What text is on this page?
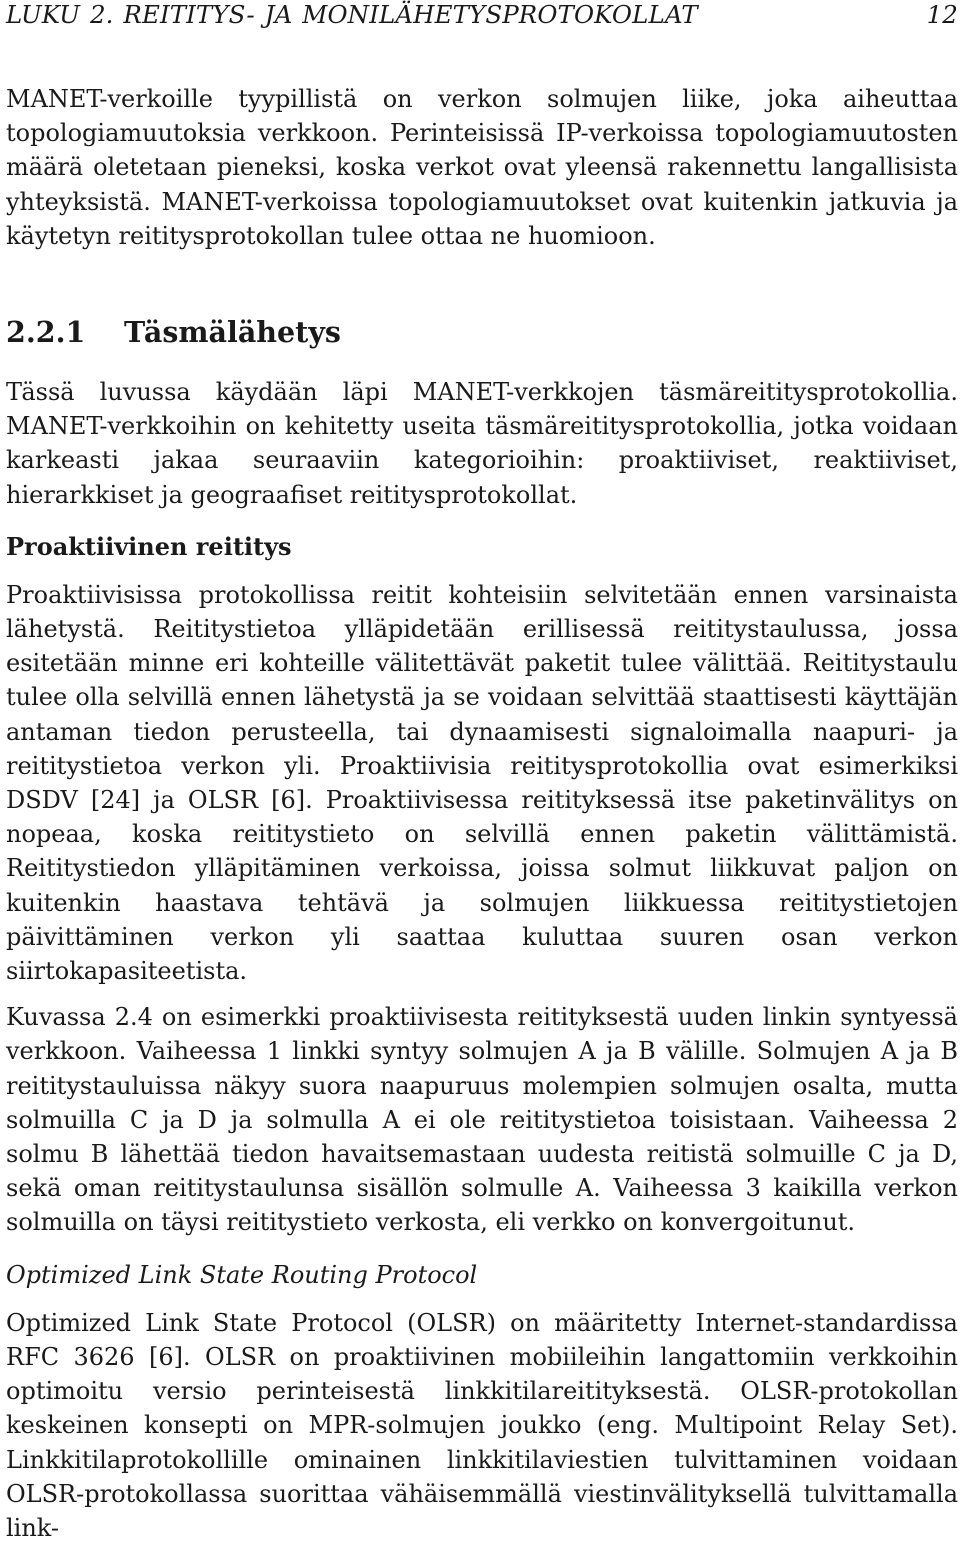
LUKU 2. REITITYS- JA MONILÄHETYSPROTOKOLLAT	12

MANET-verkoille tyypillistä on verkon solmujen liike, joka aiheuttaa topologiamuutoksia verkkoon. Perinteisissä IP-verkoissa topologiamuutosten määrä oletetaan pieneksi, koska verkot ovat yleensä rakennettu langallisista yhteyksistä. MANET-verkoissa topologiamuutokset ovat kuitenkin jatkuvia ja käytetyn reititysprotokollan tulee ottaa ne huomioon.

2.2.1	Täsmälähetys

Tässä luvussa käydään läpi MANET-verkkojen täsmäreititysprotokollia. MANET-verkkoihin on kehitetty useita täsmäreititysprotokollia, jotka voidaan karkeasti jakaa seuraaviin kategorioihin: proaktiiviset, reaktiiviset, hierarkkiset ja geograafiset reititysprotokollat.

Proaktiivinen reititys

Proaktiivisissa protokollissa reitit kohteisiin selvitetään ennen varsinaista lähetystä. Reititystietoa ylläpidetään erillisessä reititystaulussa, jossa esitetään minne eri kohteille välitettävät paketit tulee välittää. Reititystaulu tulee olla selvillä ennen lähetystä ja se voidaan selvittää staattisesti käyttäjän antaman tiedon perusteella, tai dynaamisesti signaloimalla naapuri- ja reititystietoa verkon yli. Proaktiivisia reititysprotokollia ovat esimerkiksi DSDV [24] ja OLSR [6]. Proaktiivisessa reitityksessä itse paketinvälitys on nopeaa, koska reititystieto on selvillä ennen paketin välittämistä. Reititystiedon ylläpitäminen verkoissa, joissa solmut liikkuvat paljon on kuitenkin haastava tehtävä ja solmujen liikkuessa reititystietojen päivittäminen verkon yli saattaa kuluttaa suuren osan verkon siirtokapasiteetista.

Kuvassa 2.4 on esimerkki proaktiivisesta reitityksestä uuden linkin syntyessä verkkoon. Vaiheessa 1 linkki syntyy solmujen A ja B välille. Solmujen A ja B reititystauluissa näkyy suora naapuruus molempien solmujen osalta, mutta solmuilla C ja D ja solmulla A ei ole reititystietoa toisistaan. Vaiheessa 2 solmu B lähettää tiedon havaitsemastaan uudesta reitistä solmuille C ja D, sekä oman reititystaulunsa sisällön solmulle A. Vaiheessa 3 kaikilla verkon solmuilla on täysi reititystieto verkosta, eli verkko on konvergoitunut.

Optimized Link State Routing Protocol

Optimized Link State Protocol (OLSR) on määritetty Internet-standardissa RFC 3626 [6]. OLSR on proaktiivinen mobiileihin langattomiin verkkoihin optimoitu versio perinteisestä linkkitilareitityksestä. OLSR-protokollan keskeinen konsepti on MPR-solmujen joukko (eng. Multipoint Relay Set). Linkkitilaprotokollille ominainen linkkitilaviestien tulvittaminen voidaan OLSR-protokollassa suorittaa vähäisemmällä viestinvälityksellä tulvittamalla link-
